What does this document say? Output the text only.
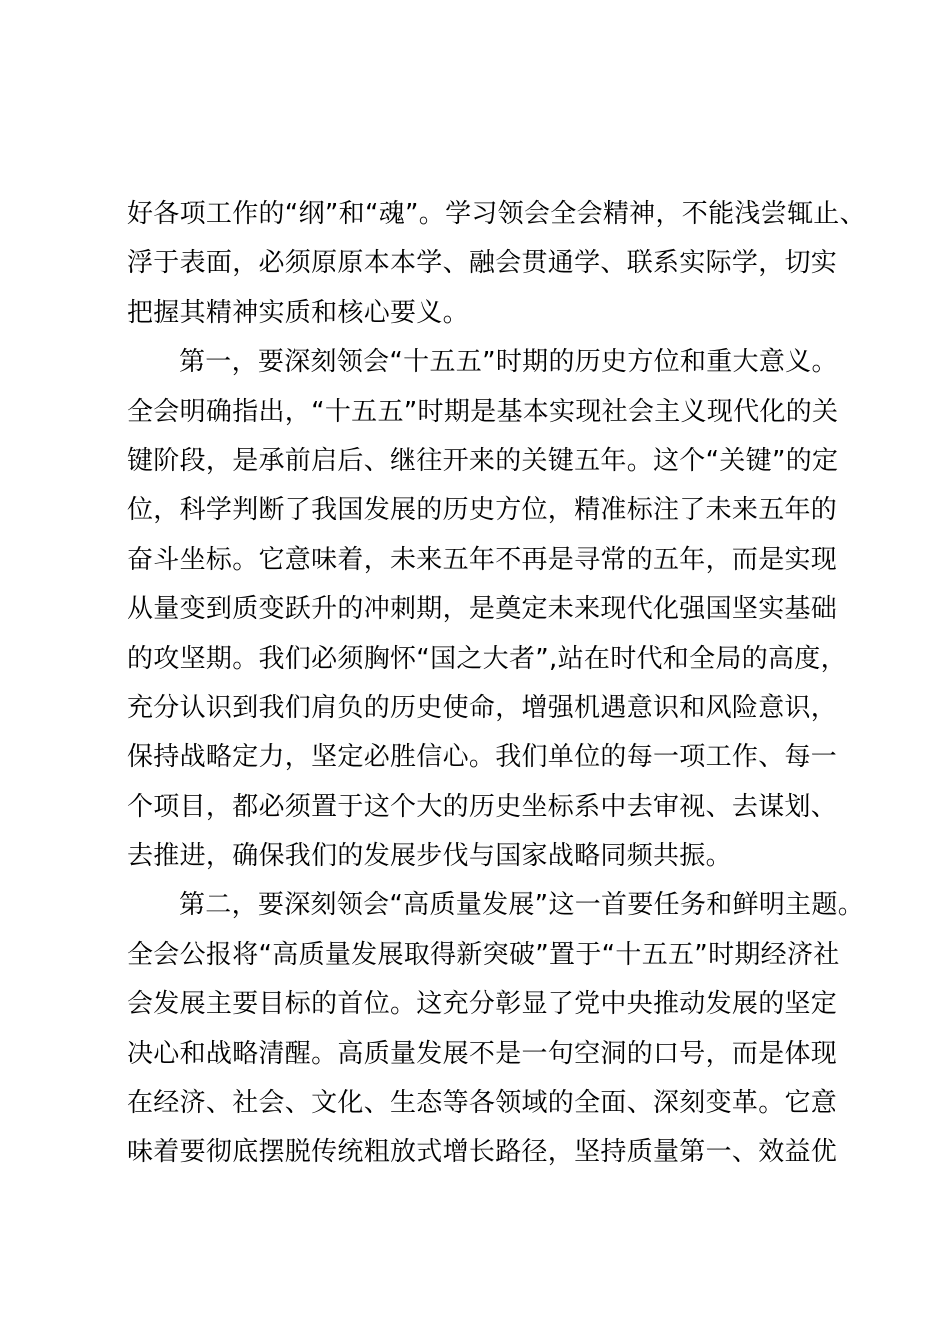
好各项工作的“纲”和“魂”。学习领会全会精神，不能浅尝辄止、
浮于表面，必须原原本本学、融会贯通学、联系实际学，切实
把握其精神实质和核心要义。
第一，要深刻领会“十五五”时期的历史方位和重大意义。
全会明确指出，“十五五”时期是基本实现社会主义现代化的关
键阶段，是承前启后、继往开来的关键五年。这个“关键”的定
位，科学判断了我国发展的历史方位，精准标注了未来五年的
奋斗坐标。它意味着，未来五年不再是寻常的五年，而是实现
从量变到质变跃升的冲刺期，是奠定未来现代化强国坚实基础
的攻坚期。我们必须胸怀“国之大者”,站在时代和全局的高度，
充分认识到我们肩负的历史使命，增强机遇意识和风险意识，
保持战略定力，坚定必胜信心。我们单位的每一项工作、每一
个项目，都必须置于这个大的历史坐标系中去审视、去谋划、
去推进，确保我们的发展步伐与国家战略同频共振。
第二，要深刻领会“高质量发展”这一首要任务和鲜明主题。
全会公报将“高质量发展取得新突破”置于“十五五”时期经济社
会发展主要目标的首位。这充分彰显了党中央推动发展的坚定
决心和战略清醒。高质量发展不是一句空洞的口号，而是体现
在经济、社会、文化、生态等各领域的全面、深刻变革。它意
味着要彻底摆脱传统粗放式增长路径，坚持质量第一、效益优
